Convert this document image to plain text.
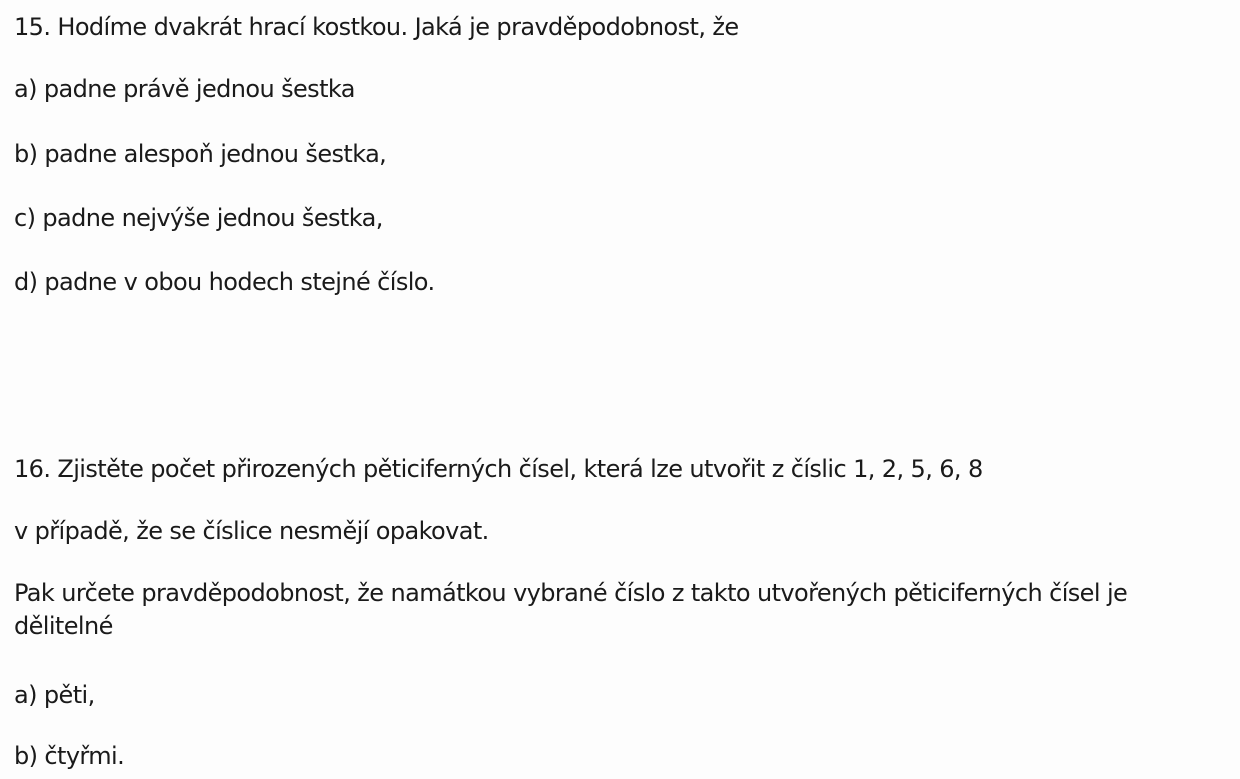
15. Hodíme dvakrát hrací kostkou. Jaká je pravděpodobnost, že
a) padne právě jednou šestka
b) padne alespoň jednou šestka,
c) padne nejvýše jednou šestka,
d) padne v obou hodech stejné číslo.
16. Zjistěte počet přirozených pěticiferných čísel, která lze utvořit z číslic 1, 2, 5, 6, 8
v případě, že se číslice nesmějí opakovat.
Pak určete pravděpodobnost, že namátkou vybrané číslo z takto utvořených pěticiferných čísel je dělitelné
a) pěti,
b) čtyřmi.
